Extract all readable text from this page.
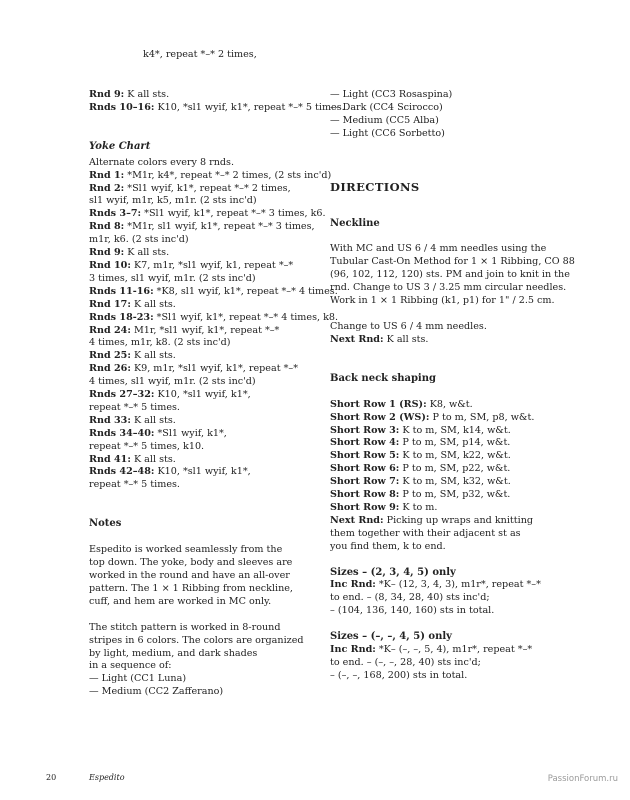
k4*, repeat *–* 2 times,
Rnd 9: K all sts.
Rnds 10–16: K10, *sl1 wyif, k1*, repeat *–* 5 times.
Yoke Chart
Alternate colors every 8 rnds.
Rnd 1: *M1r, k4*, repeat *–* 2 times, (2 sts inc'd)
Rnd 2: *Sl1 wyif, k1*, repeat *–* 2 times,
sl1 wyif, m1r, k5, m1r. (2 sts inc'd)
Rnds 3–7: *Sl1 wyif, k1*, repeat *–* 3 times, k6.
Rnd 8: *M1r, sl1 wyif, k1*, repeat *–* 3 times,
m1r, k6. (2 sts inc'd)
Rnd 9: K all sts.
Rnd 10: K7, m1r, *sl1 wyif, k1, repeat *–*
3 times, sl1 wyif, m1r. (2 sts inc'd)
Rnds 11-16: *K8, sl1 wyif, k1*, repeat *–* 4 times.
Rnd 17: K all sts.
Rnds 18-23: *Sl1 wyif, k1*, repeat *–* 4 times, k8.
Rnd 24: M1r, *sl1 wyif, k1*, repeat *–*
4 times, m1r, k8. (2 sts inc'd)
Rnd 25: K all sts.
Rnd 26: K9, m1r, *sl1 wyif, k1*, repeat *–*
4 times, sl1 wyif, m1r. (2 sts inc'd)
Rnds 27–32: K10, *sl1 wyif, k1*,
repeat *–* 5 times.
Rnd 33: K all sts.
Rnds 34–40: *Sl1 wyif, k1*,
repeat *–* 5 times, k10.
Rnd 41: K all sts.
Rnds 42–48: K10, *sl1 wyif, k1*,
repeat *–* 5 times.
Notes
Espedito is worked seamlessly from the
top down. The yoke, body and sleeves are
worked in the round and have an all-over
pattern. The 1 × 1 Ribbing from neckline,
cuff, and hem are worked in MC only.
The stitch pattern is worked in 8-round
stripes in 6 colors. The colors are organized
by light, medium, and dark shades
in a sequence of:
— Light (CC1 Luna)
— Medium (CC2 Zafferano)
— Light (CC3 Rosaspina)
— Dark (CC4 Scirocco)
— Medium (CC5 Alba)
— Light (CC6 Sorbetto)
DIRECTIONS
Neckline
With MC and US 6 / 4 mm needles using the
Tubular Cast-On Method for 1 × 1 Ribbing, CO 88
(96, 102, 112, 120) sts. PM and join to knit in the
rnd. Change to US 3 / 3.25 mm circular needles.
Work in 1 × 1 Ribbing (k1, p1) for 1" / 2.5 cm.
Change to US 6 / 4 mm needles.
Next Rnd: K all sts.
Back neck shaping
Short Row 1 (RS): K8, w&t.
Short Row 2 (WS): P to m, SM, p8, w&t.
Short Row 3: K to m, SM, k14, w&t.
Short Row 4: P to m, SM, p14, w&t.
Short Row 5: K to m, SM, k22, w&t.
Short Row 6: P to m, SM, p22, w&t.
Short Row 7: K to m, SM, k32, w&t.
Short Row 8: P to m, SM, p32, w&t.
Short Row 9: K to m.
Next Rnd: Picking up wraps and knitting
them together with their adjacent st as
you find them, k to end.
Sizes – (2, 3, 4, 5) only
Inc Rnd: *K– (12, 3, 4, 3), m1r*, repeat *–*
to end. – (8, 34, 28, 40) sts inc'd;
– (104, 136, 140, 160) sts in total.
Sizes – (–, –, 4, 5) only
Inc Rnd: *K– (–, –, 5, 4), m1r*, repeat *–*
to end. – (–, –, 28, 40) sts inc'd;
– (–, –, 168, 200) sts in total.
20	Espedito	PassionForum.ru
